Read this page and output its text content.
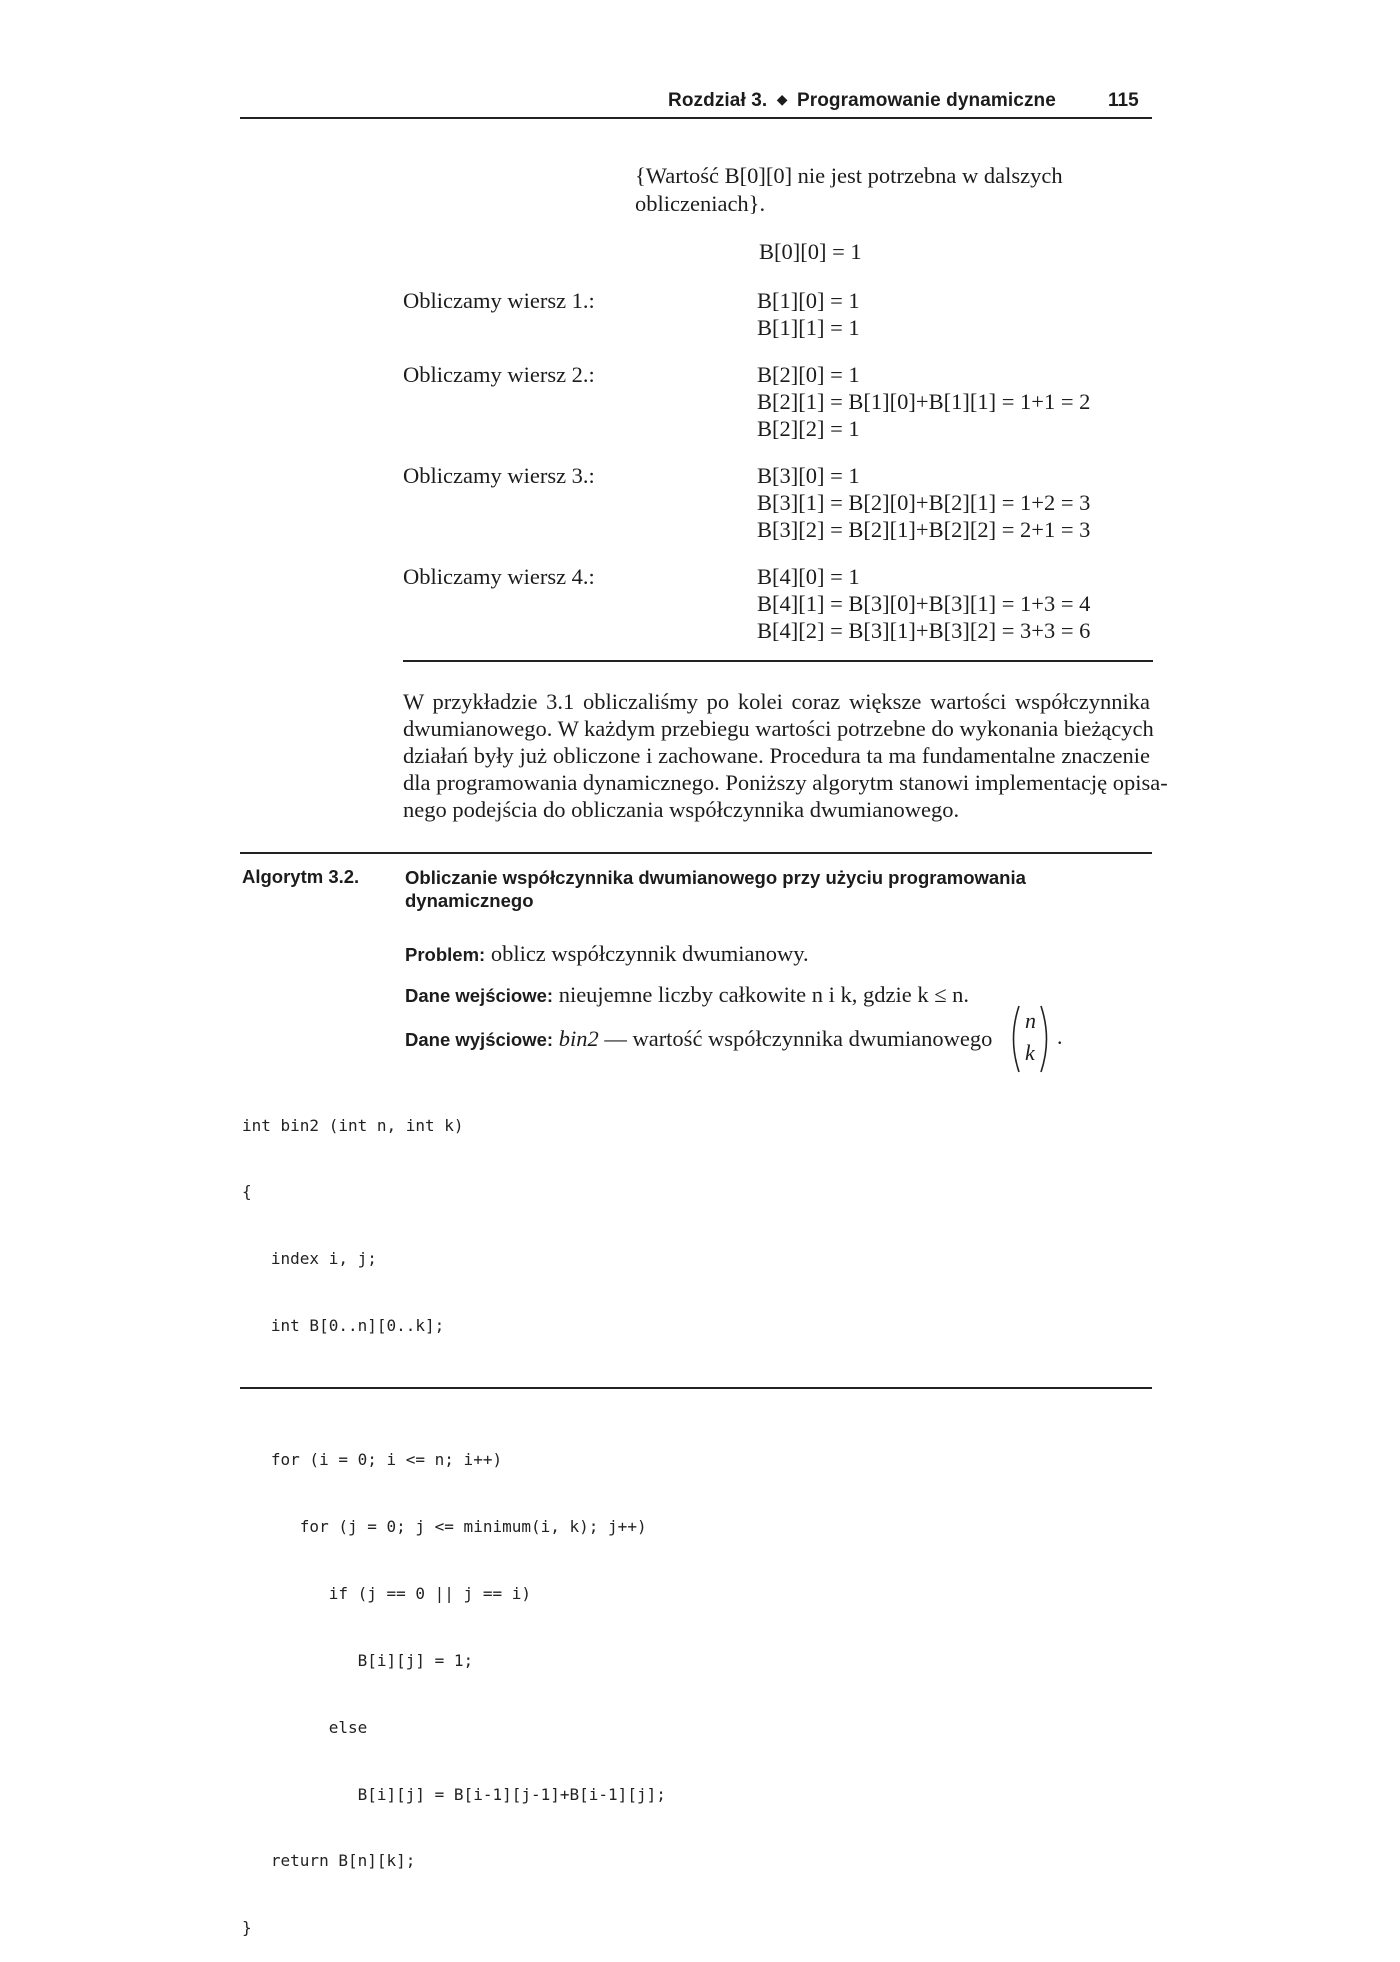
Rozdział 3. ◆ Programowanie dynamiczne	115
{Wartość B[0][0] nie jest potrzebna w dalszych obliczeniach}.
B[0][0] = 1
Obliczamy wiersz 1.:	B[1][0] = 1
B[1][1] = 1
Obliczamy wiersz 2.:	B[2][0] = 1
B[2][1] = B[1][0]+B[1][1] = 1+1 = 2
B[2][2] = 1
Obliczamy wiersz 3.:	B[3][0] = 1
B[3][1] = B[2][0]+B[2][1] = 1+2 = 3
B[3][2] = B[2][1]+B[2][2] = 2+1 = 3
Obliczamy wiersz 4.:	B[4][0] = 1
B[4][1] = B[3][0]+B[3][1] = 1+3 = 4
B[4][2] = B[3][1]+B[3][2] = 3+3 = 6
W przykładzie 3.1 obliczaliśmy po kolei coraz większe wartości współczynnika
dwumianowego. W każdym przebiegu wartości potrzebne do wykonania bieżących
działań były już obliczone i zachowane. Procedura ta ma fundamentalne znaczenie
dla programowania dynamicznego. Poniższy algorytm stanowi implementację opisa-
nego podejścia do obliczania współczynnika dwumianowego.
Algorytm 3.2. Obliczanie współczynnika dwumianowego przy użyciu programowania dynamicznego
Problem: oblicz współczynnik dwumianowy.
Dane wejściowe: nieujemne liczby całkowite n i k, gdzie k ≤ n.
Dane wyjściowe: bin2 — wartość współczynnika dwumianowego
n
k
.

int bin2 (int n, int k)

{

index i, j;

int B[0..n][0..k];

for (i = 0; i <= n; i++)

for (j = 0; j <= minimum(i, k); j++)

if (j == 0 || j == i)

B[i][j] = 1;

else

B[i][j] = B[i-1][j-1]+B[i-1][j];

return B[n][k];

}
